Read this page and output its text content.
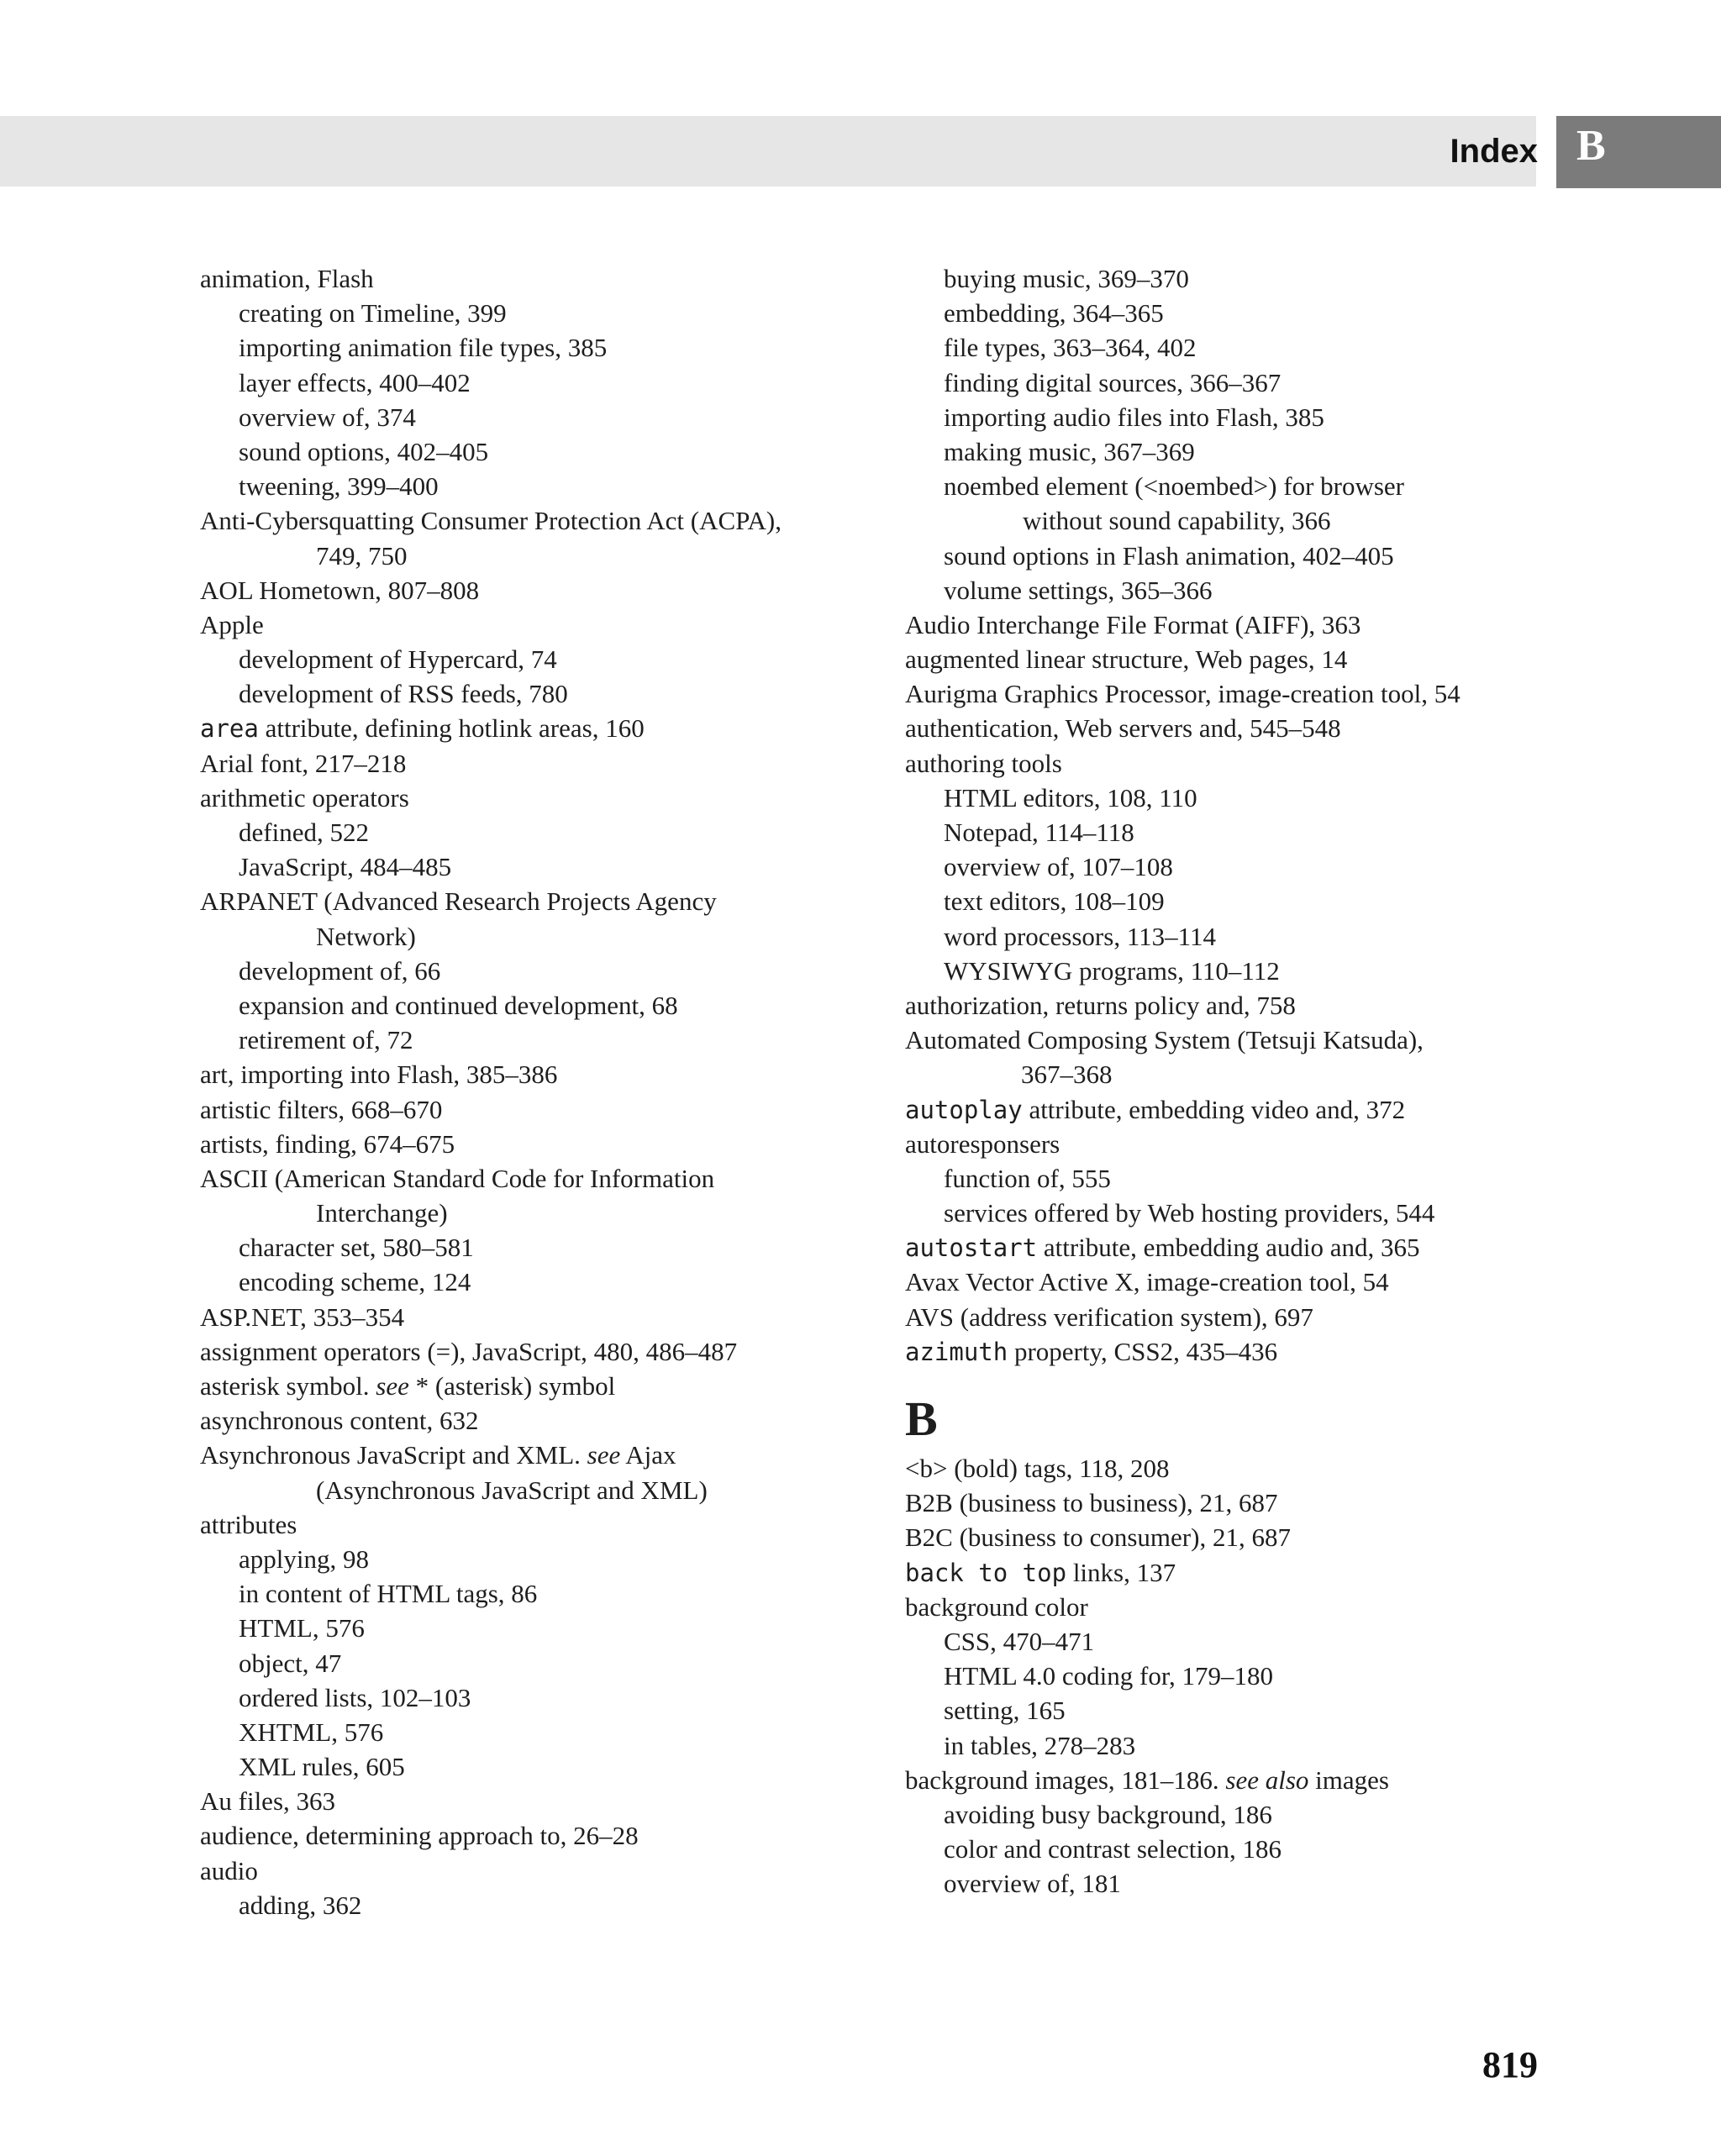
Index B
animation, Flash
creating on Timeline, 399
importing animation file types, 385
layer effects, 400–402
overview of, 374
sound options, 402–405
tweening, 399–400
Anti-Cybersquatting Consumer Protection Act (ACPA),
749, 750
AOL Hometown, 807–808
Apple
development of Hypercard, 74
development of RSS feeds, 780
area attribute, defining hotlink areas, 160
Arial font, 217–218
arithmetic operators
defined, 522
JavaScript, 484–485
ARPANET (Advanced Research Projects Agency
Network)
development of, 66
expansion and continued development, 68
retirement of, 72
art, importing into Flash, 385–386
artistic filters, 668–670
artists, finding, 674–675
ASCII (American Standard Code for Information
Interchange)
character set, 580–581
encoding scheme, 124
ASP.NET, 353–354
assignment operators (=), JavaScript, 480, 486–487
asterisk symbol. see * (asterisk) symbol
asynchronous content, 632
Asynchronous JavaScript and XML. see Ajax
(Asynchronous JavaScript and XML)
attributes
applying, 98
in content of HTML tags, 86
HTML, 576
object, 47
ordered lists, 102–103
XHTML, 576
XML rules, 605
Au files, 363
audience, determining approach to, 26–28
audio
adding, 362
buying music, 369–370
embedding, 364–365
file types, 363–364, 402
finding digital sources, 366–367
importing audio files into Flash, 385
making music, 367–369
noembed element (<noembed>) for browser
without sound capability, 366
sound options in Flash animation, 402–405
volume settings, 365–366
Audio Interchange File Format (AIFF), 363
augmented linear structure, Web pages, 14
Aurigma Graphics Processor, image-creation tool, 54
authentication, Web servers and, 545–548
authoring tools
HTML editors, 108, 110
Notepad, 114–118
overview of, 107–108
text editors, 108–109
word processors, 113–114
WYSIWYG programs, 110–112
authorization, returns policy and, 758
Automated Composing System (Tetsuji Katsuda),
367–368
autoplay attribute, embedding video and, 372
autoresponsers
function of, 555
services offered by Web hosting providers, 544
autostart attribute, embedding audio and, 365
Avax Vector Active X, image-creation tool, 54
AVS (address verification system), 697
azimuth property, CSS2, 435–436
B
<b> (bold) tags, 118, 208
B2B (business to business), 21, 687
B2C (business to consumer), 21, 687
back to top links, 137
background color
CSS, 470–471
HTML 4.0 coding for, 179–180
setting, 165
in tables, 278–283
background images, 181–186. see also images
avoiding busy background, 186
color and contrast selection, 186
overview of, 181
819
